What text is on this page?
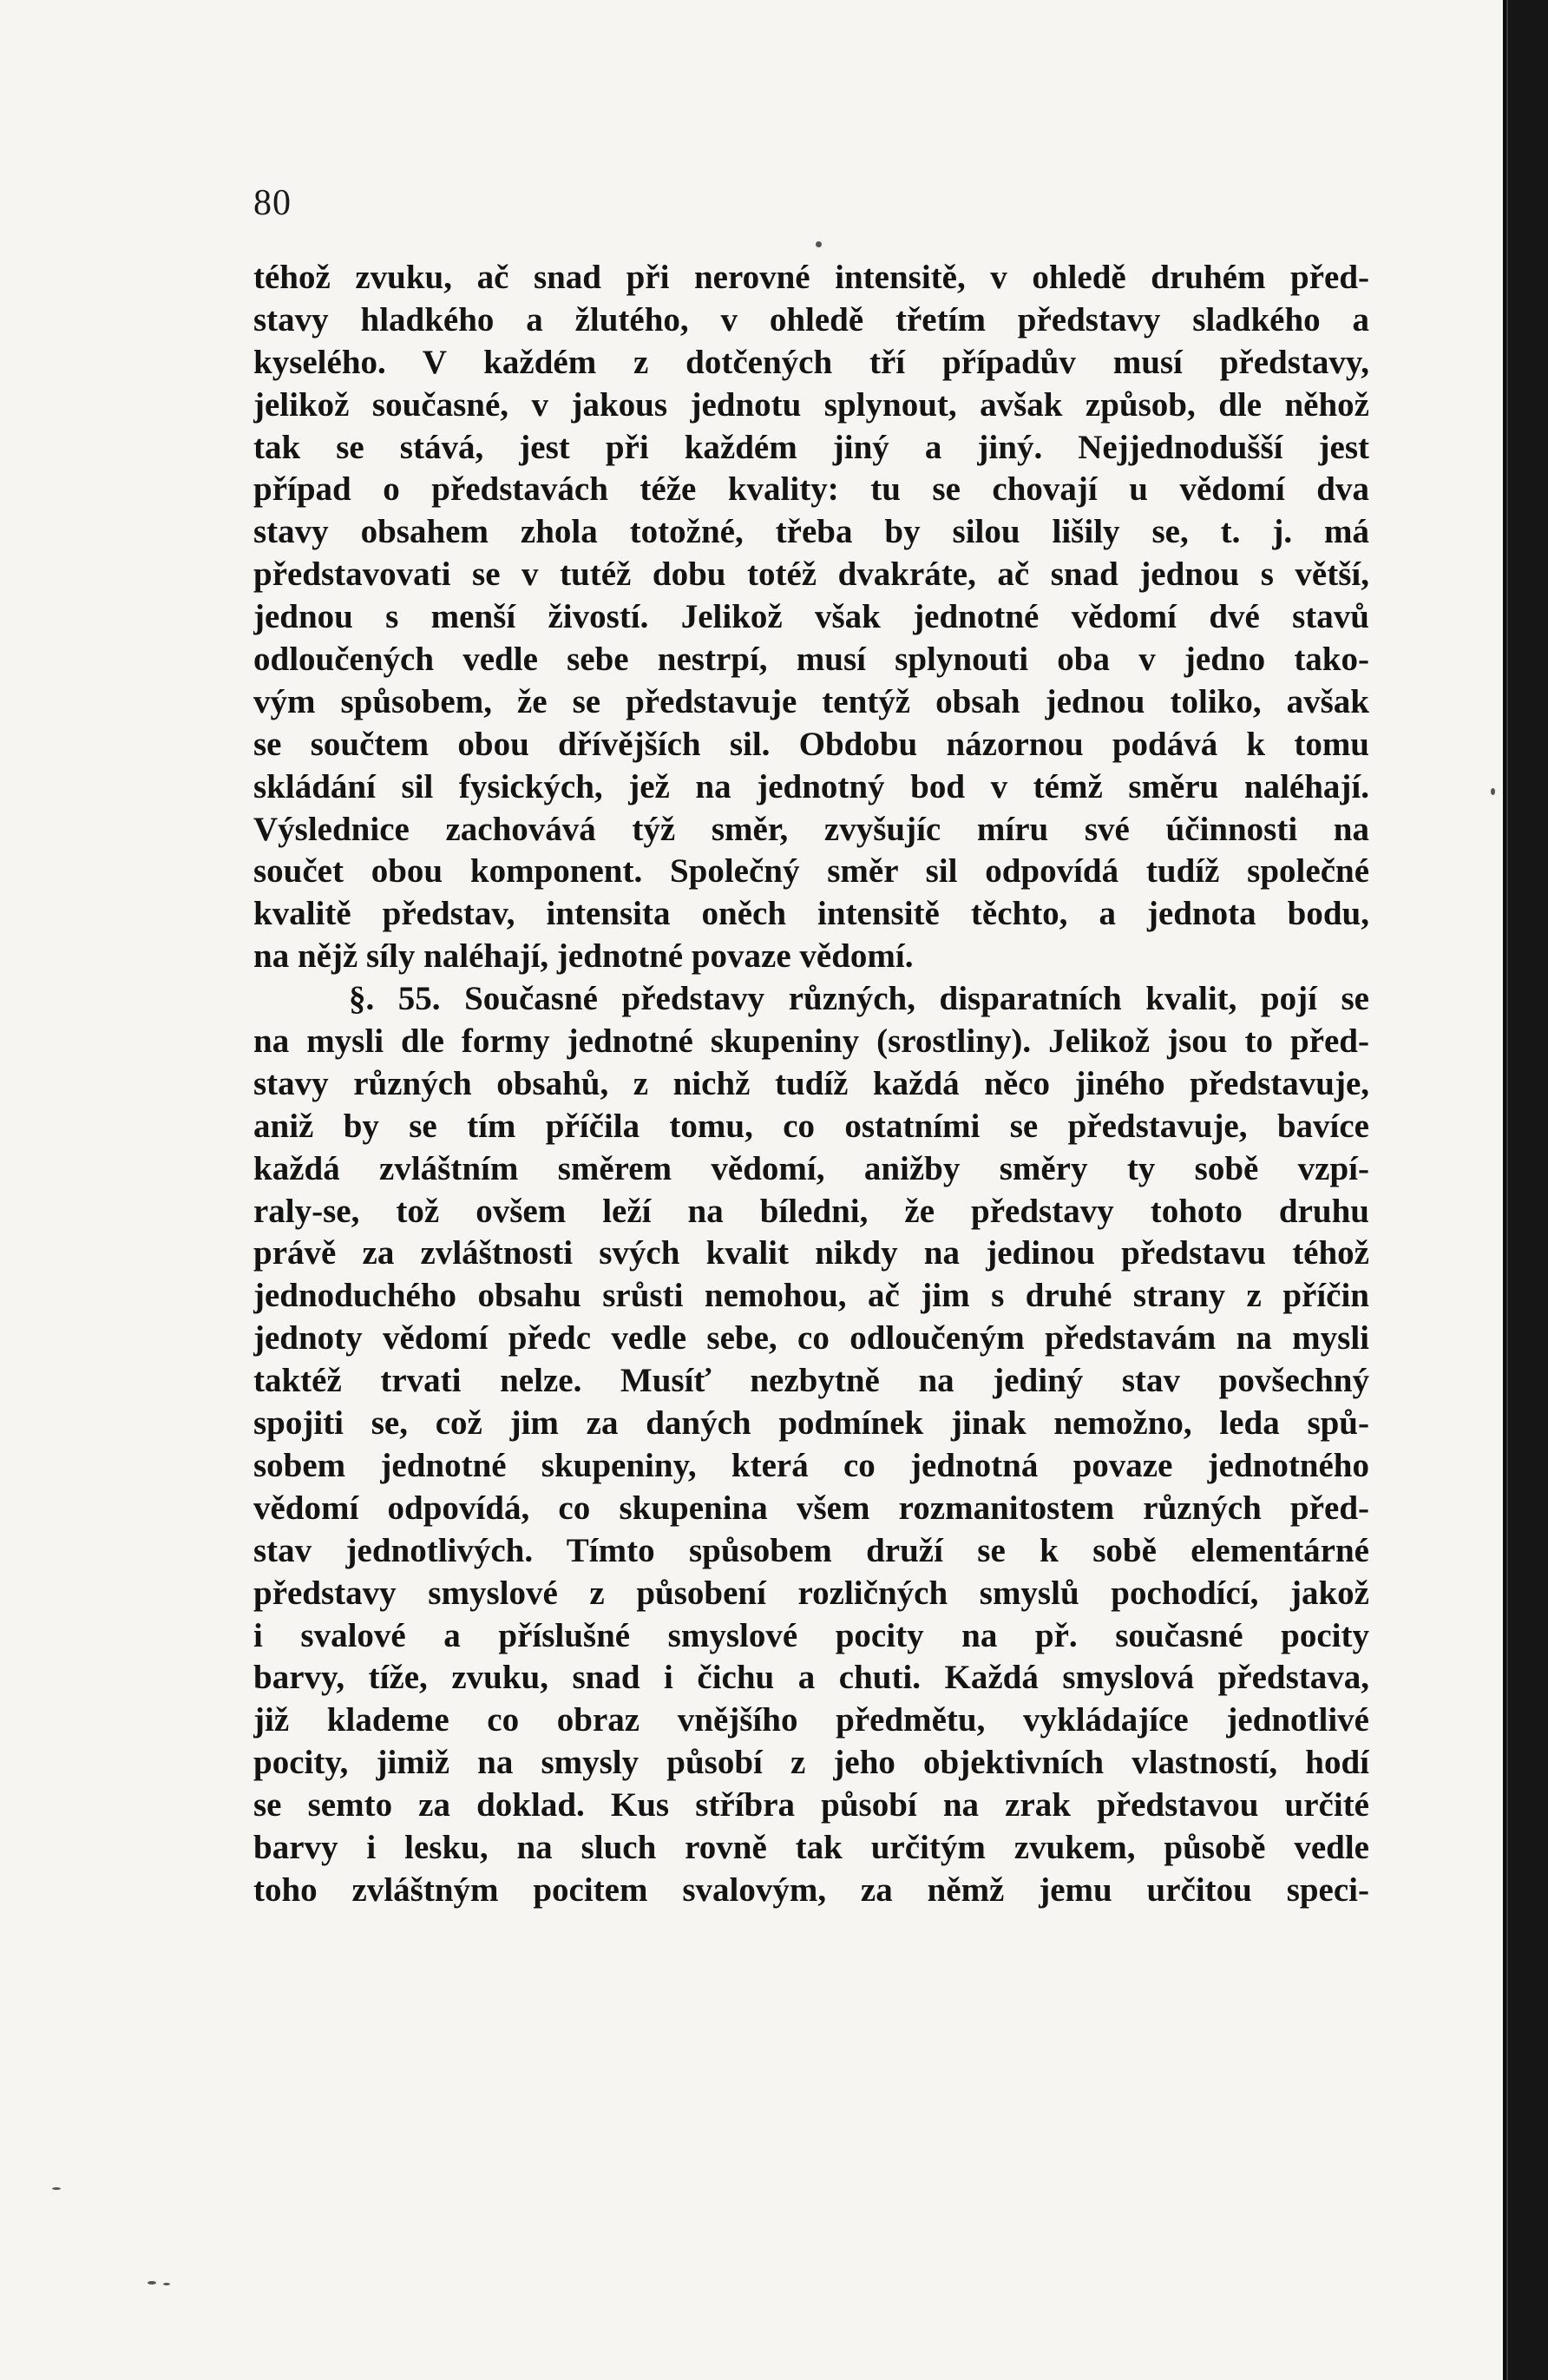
80
téhož zvuku, ač snad při nerovné intensitě, v ohledě druhém před-
stavy hladkého a žlutého, v ohledě třetím představy sladkého a
kyselého. V každém z dotčených tří případův musí představy,
jelikož současné, v jakous jednotu splynout, avšak způsob, dle něhož
tak se stává, jest při každém jiný a jiný. Nejjednodušší jest
případ o představách téže kvality: tu se chovají u vědomí dva
stavy obsahem zhola totožné, třeba by silou lišily se, t. j. má
představovati se v tutéž dobu totéž dvakráte, ač snad jednou s větší,
jednou s menší živostí. Jelikož však jednotné vědomí dvé stavů
odloučených vedle sebe nestrpí, musí splynouti oba v jedno tako-
vým spůsobem, že se představuje tentýž obsah jednou toliko, avšak
se součtem obou dřívějších sil. Obdobu názornou podává k tomu
skládání sil fysických, jež na jednotný bod v témž směru naléhají.
Výslednice zachovává týž směr, zvyšujíc míru své účinnosti na
součet obou komponent. Společný směr sil odpovídá tudíž společné
kvalitě představ, intensita oněch intensitě těchto, a jednota bodu,
na nějž síly naléhají, jednotné povaze vědomí.
§. 55. Současné představy různých, disparatních kvalit, pojí se
na mysli dle formy jednotné skupeniny (srostliny). Jelikož jsou to před-
stavy různých obsahů, z nichž tudíž každá něco jiného představuje,
aniž by se tím příčila tomu, co ostatními se představuje, bavíce
každá zvláštním směrem vědomí, anižby směry ty sobě vzpí-
raly-se, tož ovšem leží na bíledni, že představy tohoto druhu
právě za zvláštnosti svých kvalit nikdy na jedinou představu téhož
jednoduchého obsahu srůsti nemohou, ač jim s druhé strany z příčin
jednoty vědomí předc vedle sebe, co odloučeným představám na mysli
taktéž trvati nelze. Musíť nezbytně na jediný stav povšechný
spojiti se, což jim za daných podmínek jinak nemožno, leda spů-
sobem jednotné skupeniny, která co jednotná povaze jednotného
vědomí odpovídá, co skupenina všem rozmanitostem různých před-
stav jednotlivých. Tímto spůsobem druží se k sobě elementárné
představy smyslové z působení rozličných smyslů pochodící, jakož
i svalové a příslušné smyslové pocity na př. současné pocity
barvy, tíže, zvuku, snad i čichu a chuti. Každá smyslová představa,
již klademe co obraz vnějšího předmětu, vykládajíce jednotlivé
pocity, jimiž na smysly působí z jeho objektivních vlastností, hodí
se semto za doklad. Kus stříbra působí na zrak představou určité
barvy i lesku, na sluch rovně tak určitým zvukem, působě vedle
toho zvláštným pocitem svalovým, za němž jemu určitou speci-
